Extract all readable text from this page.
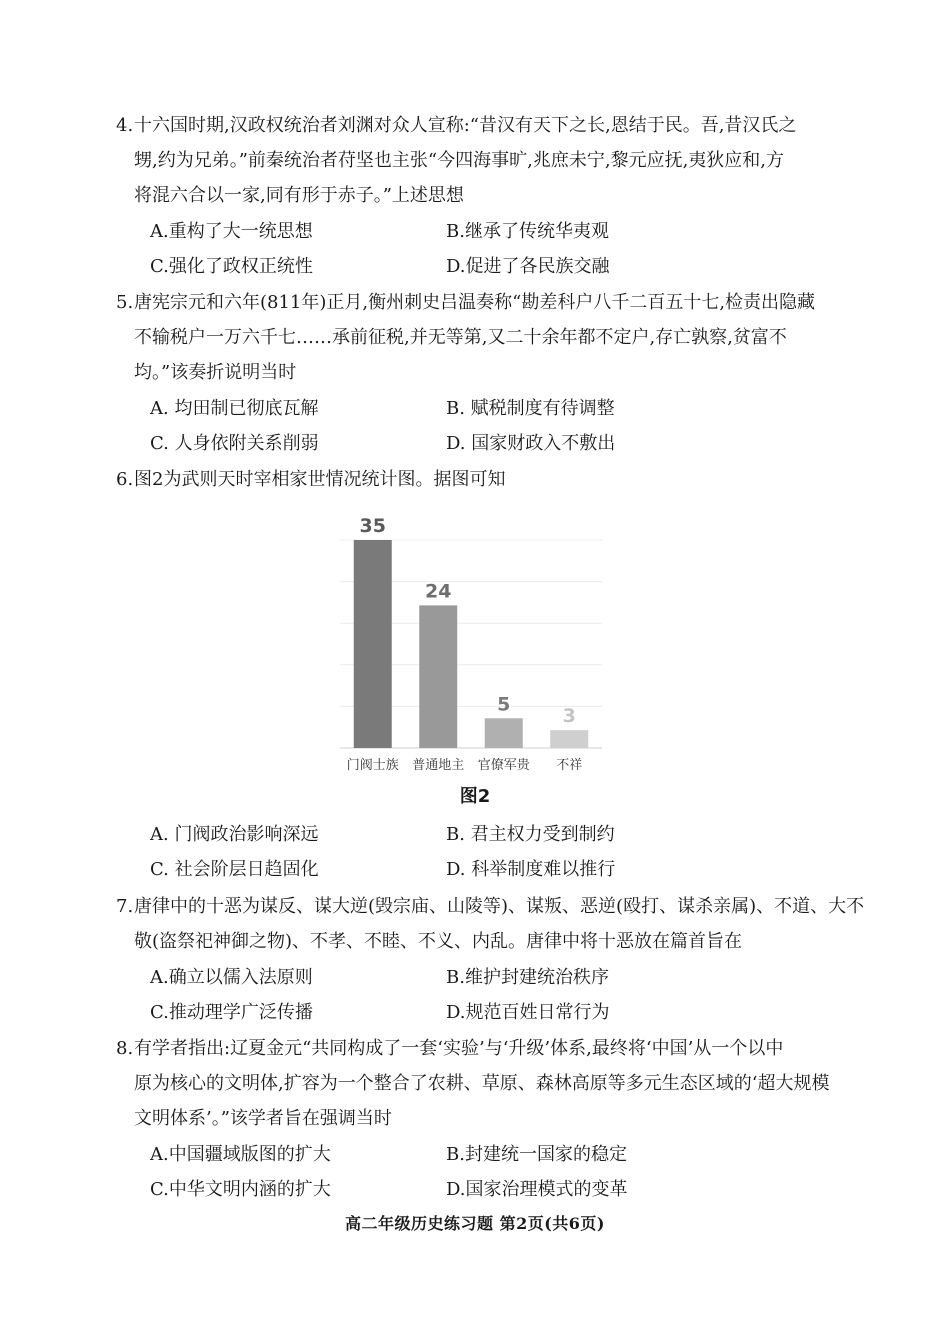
4. 十六国时期,汉政权统治者刘渊对众人宣称:“昔汉有天下之长,恩结于民。吾,昔汉氏之
甥,约为兄弟。”前秦统治者苻坚也主张“今四海事旷,兆庶未宁,黎元应抚,夷狄应和,方
将混六合以一家,同有形于赤子。”上述思想
A.重构了大一统思想	B.继承了传统华夷观
C.强化了政权正统性	D.促进了各民族交融
5. 唐宪宗元和六年(811年)正月,衡州刺史吕温奏称“勘差科户八千二百五十七,检责出隐藏
不输税户一万六千七……承前征税,并无等第,又二十余年都不定户,存亡孰察,贫富不
均。”该奏折说明当时
A. 均田制已彻底瓦解	B. 赋税制度有待调整
C. 人身依附关系削弱	D. 国家财政入不敷出
6. 图2为武则天时宰相家世情况统计图。据图可知
35
门阀士族
24
普通地主
5
官僚军贵
3
不祥
图2
A. 门阀政治影响深远	B. 君主权力受到制约
C. 社会阶层日趋固化	D. 科举制度难以推行
7. 唐律中的十恶为谋反、谋大逆(毁宗庙、山陵等)、谋叛、恶逆(殴打、谋杀亲属)、不道、大不
敬(盗祭祀神御之物)、不孝、不睦、不义、内乱。唐律中将十恶放在篇首旨在
A.确立以儒入法原则	B.维护封建统治秩序
C.推动理学广泛传播	D.规范百姓日常行为
8. 有学者指出:辽夏金元“共同构成了一套‘实验’与‘升级’体系,最终将‘中国’从一个以中
原为核心的文明体,扩容为一个整合了农耕、草原、森林高原等多元生态区域的‘超大规模
文明体系’。”该学者旨在强调当时
A.中国疆域版图的扩大	B.封建统一国家的稳定
C.中华文明内涵的扩大	D.国家治理模式的变革
高二年级历史练习题 第2页(共6页)
